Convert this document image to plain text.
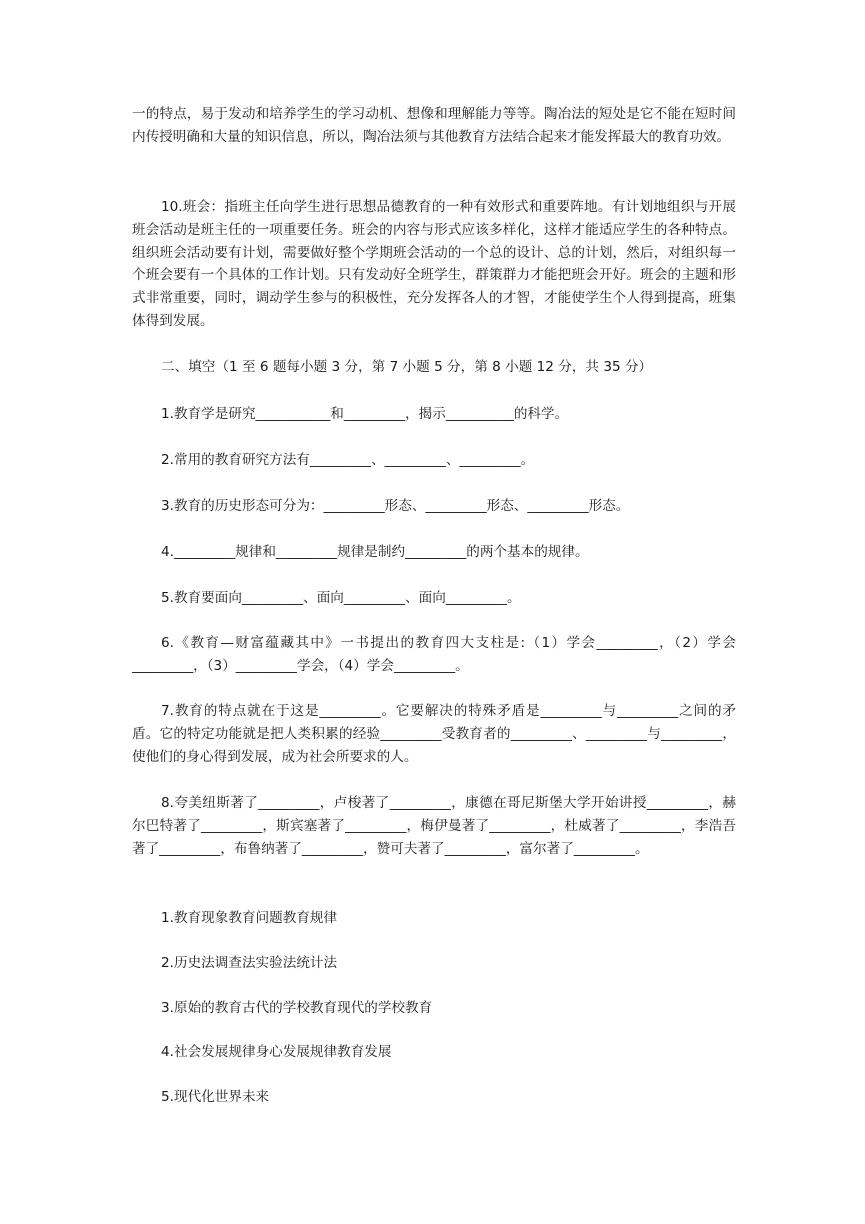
一的特点，易于发动和培养学生的学习动机、想像和理解能力等等。陶冶法的短处是它不能在短时间内传授明确和大量的知识信息，所以，陶冶法须与其他教育方法结合起来才能发挥最大的教育功效。

10.班会：指班主任向学生进行思想品德教育的一种有效形式和重要阵地。有计划地组织与开展班会活动是班主任的一项重要任务。班会的内容与形式应该多样化，这样才能适应学生的各种特点。组织班会活动要有计划，需要做好整个学期班会活动的一个总的设计、总的计划，然后，对组织每一个班会要有一个具体的工作计划。只有发动好全班学生，群策群力才能把班会开好。班会的主题和形式非常重要，同时，调动学生参与的积极性，充分发挥各人的才智，才能使学生个人得到提高，班集体得到发展。

二、填空（1 至 6 题每小题 3 分，第 7 小题 5 分，第 8 小题 12 分，共 35 分）

1.教育学是研究___________和_________，揭示__________的科学。

2.常用的教育研究方法有_________、_________、_________。

3.教育的历史形态可分为：_________形态、_________形态、_________形态。

4._________规律和_________规律是制约_________的两个基本的规律。

5.教育要面向_________、面向_________、面向_________。

6.《教育—财富蕴藏其中》一书提出的教育四大支柱是:（1）学会_________，（2）学会_________，（3）_________学会，（4）学会_________。

7.教育的特点就在于这是_________。它要解决的特殊矛盾是_________与_________之间的矛盾。它的特定功能就是把人类积累的经验_________受教育者的_________、_________与_________，使他们的身心得到发展，成为社会所要求的人。

8.夸美纽斯著了_________，卢梭著了_________，康德在哥尼斯堡大学开始讲授_________，赫尔巴特著了_________，斯宾塞著了_________，梅伊曼著了_________，杜威著了_________，李浩吾著了_________，布鲁纳著了_________，赞可夫著了_________，富尔著了_________。

1.教育现象教育问题教育规律

2.历史法调查法实验法统计法

3.原始的教育古代的学校教育现代的学校教育

4.社会发展规律身心发展规律教育发展

5.现代化世界未来
